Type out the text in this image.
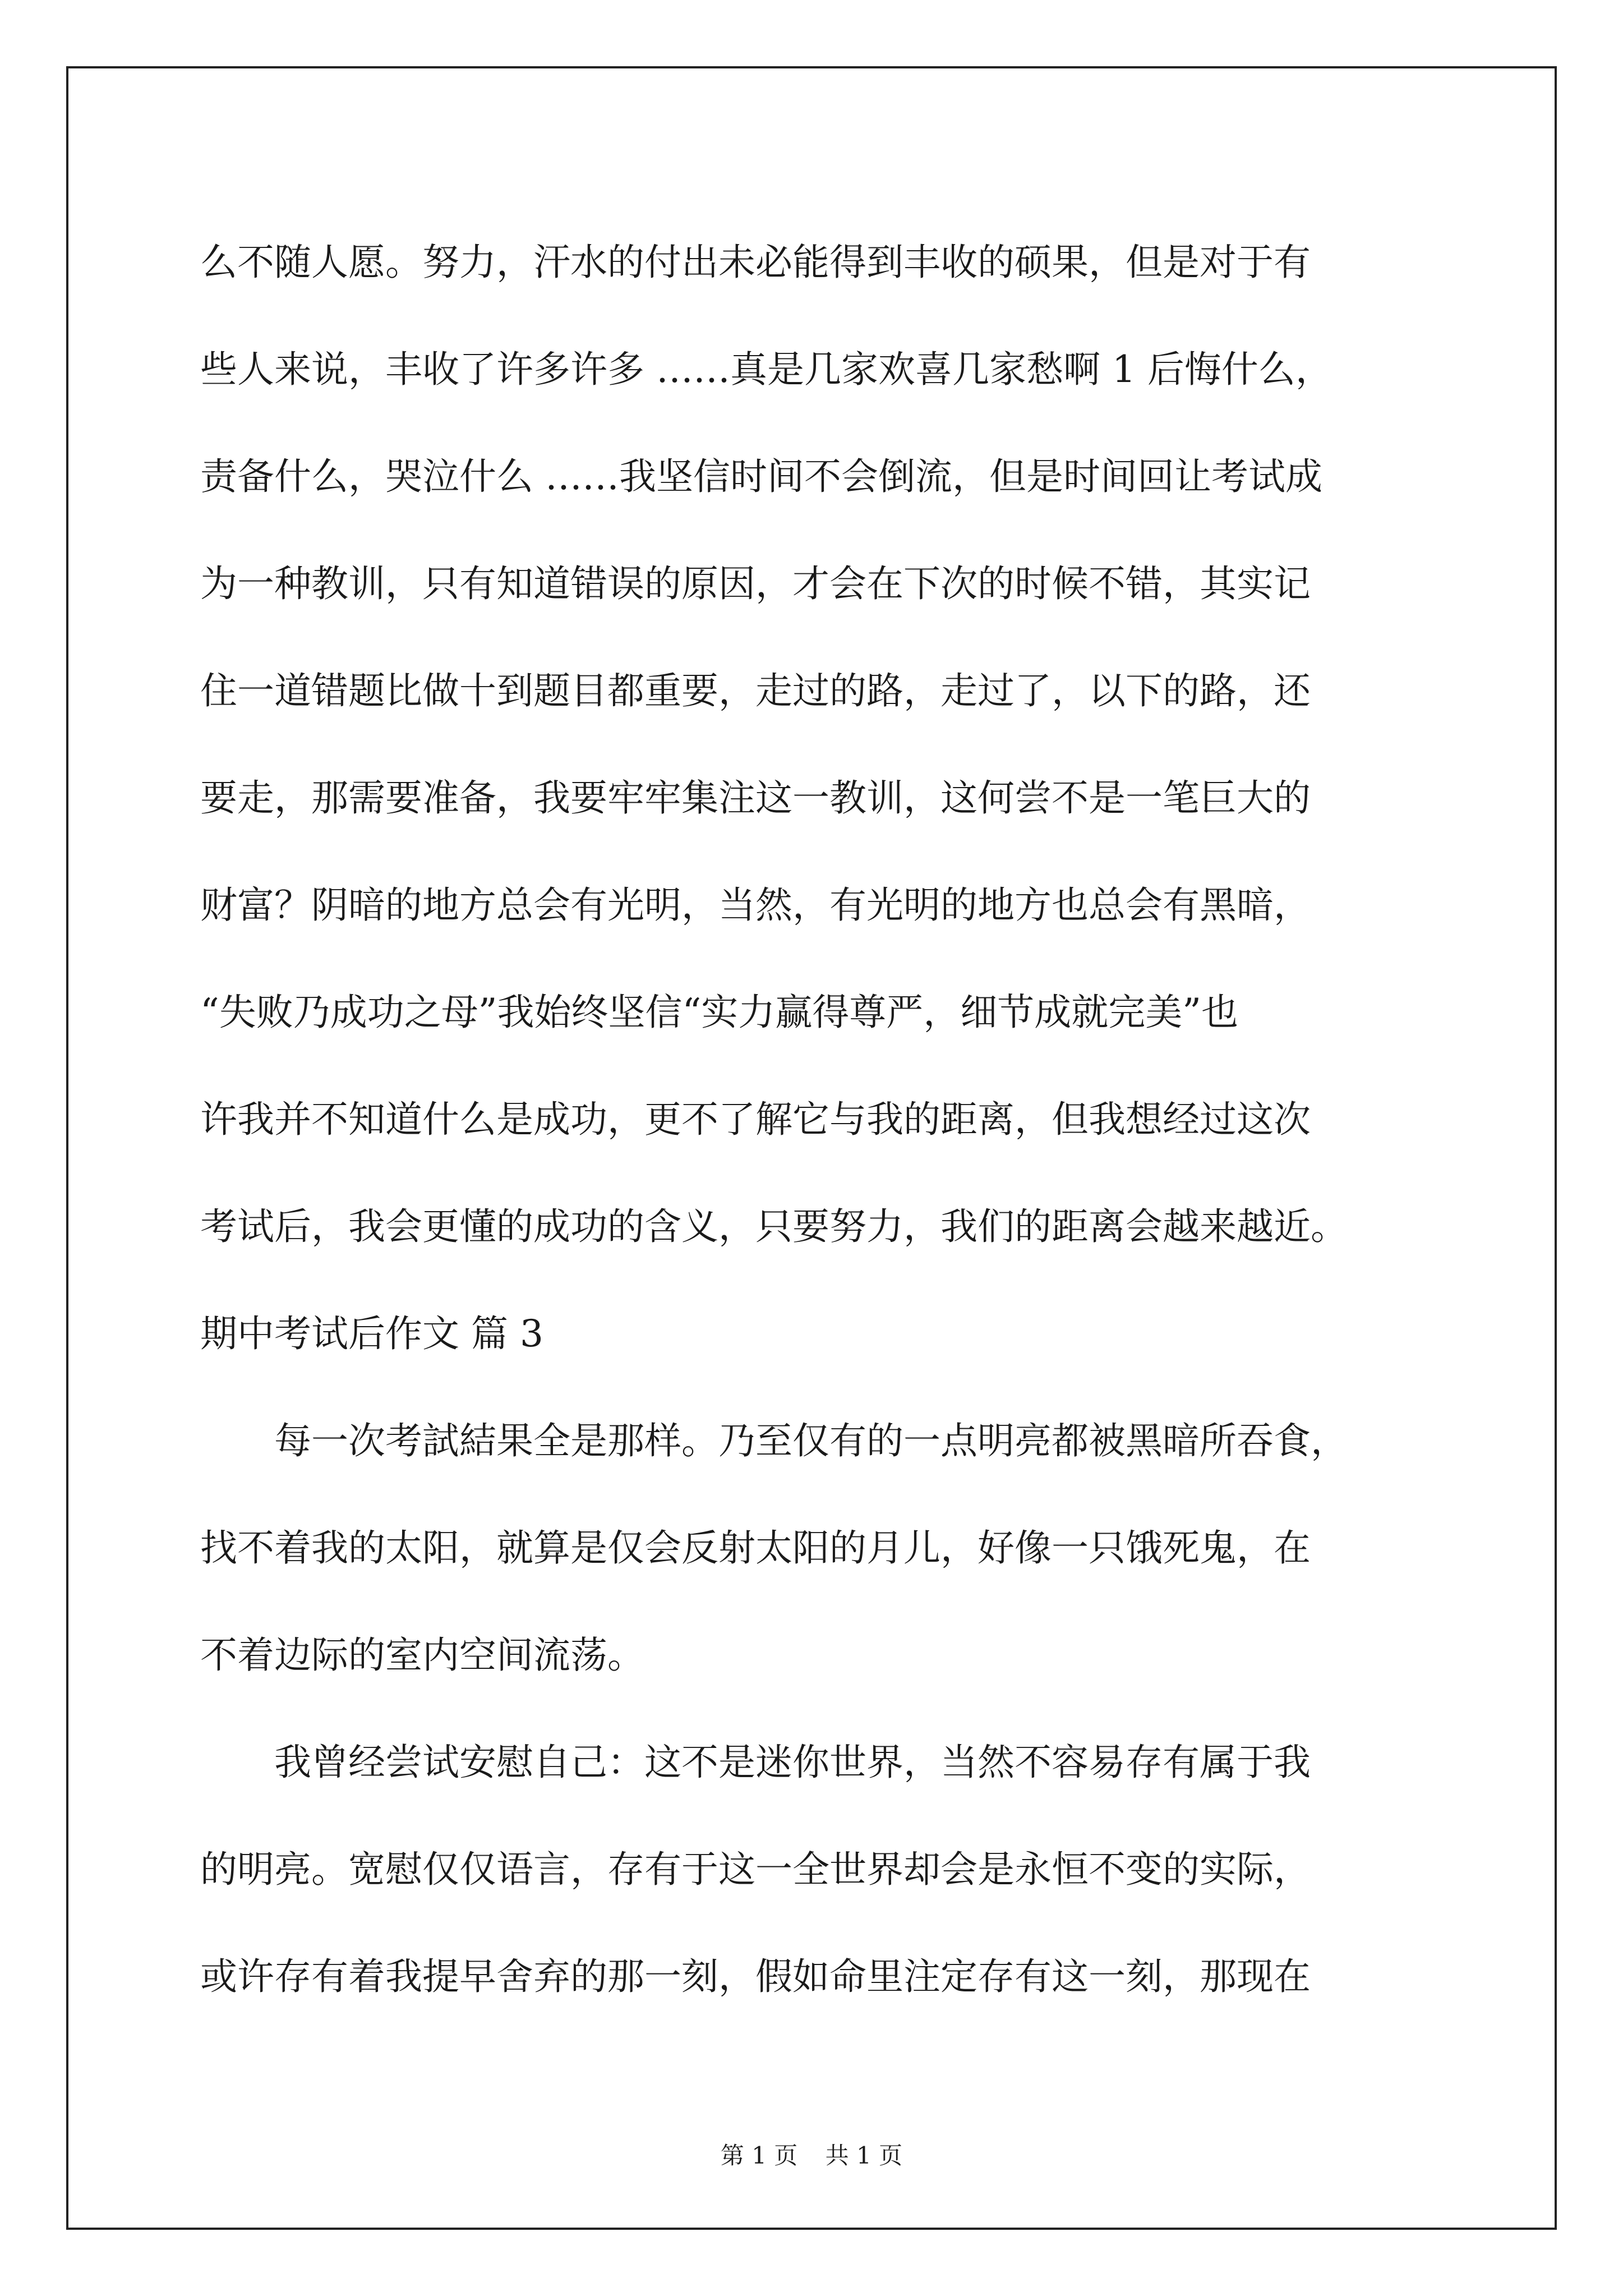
么不随人愿。努力，汗水的付出未必能得到丰收的硕果，但是对于有
些人来说，丰收了许多许多 ……真是几家欢喜几家愁啊 1 后悔什么，
责备什么，哭泣什么 ……我坚信时间不会倒流，但是时间回让考试成
为一种教训，只有知道错误的原因，才会在下次的时候不错，其实记
住一道错题比做十到题目都重要，走过的路，走过了，以下的路，还
要走，那需要准备，我要牢牢集注这一教训，这何尝不是一笔巨大的
财富？阴暗的地方总会有光明，当然，有光明的地方也总会有黑暗，
“失败乃成功之母”我始终坚信“实力赢得尊严，细节成就完美”也
许我并不知道什么是成功，更不了解它与我的距离，但我想经过这次
考试后，我会更懂的成功的含义，只要努力，我们的距离会越来越近。
期中考试后作文 篇 3
每一次考試結果全是那样。乃至仅有的一点明亮都被黑暗所吞食，
找不着我的太阳，就算是仅会反射太阳的月儿，好像一只饿死鬼，在
不着边际的室内空间流荡。
我曾经尝试安慰自己：这不是迷你世界，当然不容易存有属于我
的明亮。宽慰仅仅语言，存有于这一全世界却会是永恒不变的实际，
或许存有着我提早舍弃的那一刻，假如命里注定存有这一刻，那现在
第 1 页 共 1 页
